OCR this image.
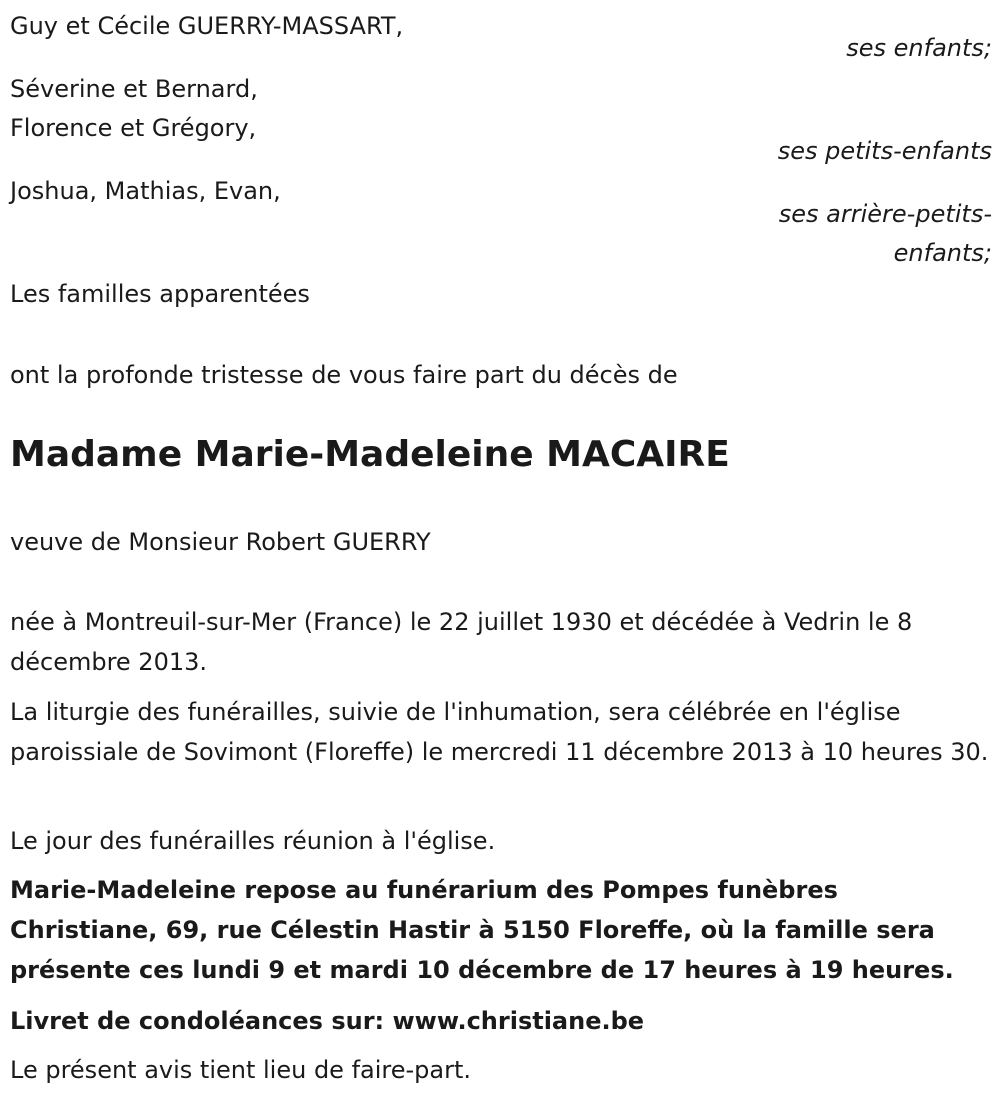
Guy et Cécile GUERRY-MASSART,
ses enfants;
Séverine et Bernard,
Florence et Grégory,
ses petits-enfants
Joshua, Mathias, Evan,
ses arrière-petits-
enfants;
Les familles apparentées
ont la profonde tristesse de vous faire part du décès de
Madame Marie-Madeleine MACAIRE
veuve de Monsieur Robert GUERRY
née à Montreuil-sur-Mer (France) le 22 juillet 1930 et décédée à Vedrin le 8 décembre 2013.
La liturgie des funérailles, suivie de l'inhumation, sera célébrée en l'église paroissiale de Sovimont (Floreffe) le mercredi 11 décembre 2013 à 10 heures 30.
Le jour des funérailles réunion à l'église.
Marie-Madeleine repose au funérarium des Pompes funèbres Christiane, 69, rue Célestin Hastir à 5150 Floreffe, où la famille sera présente ces lundi 9 et mardi 10 décembre de 17 heures à 19 heures.
Livret de condoléances sur: www.christiane.be
Le présent avis tient lieu de faire-part.
